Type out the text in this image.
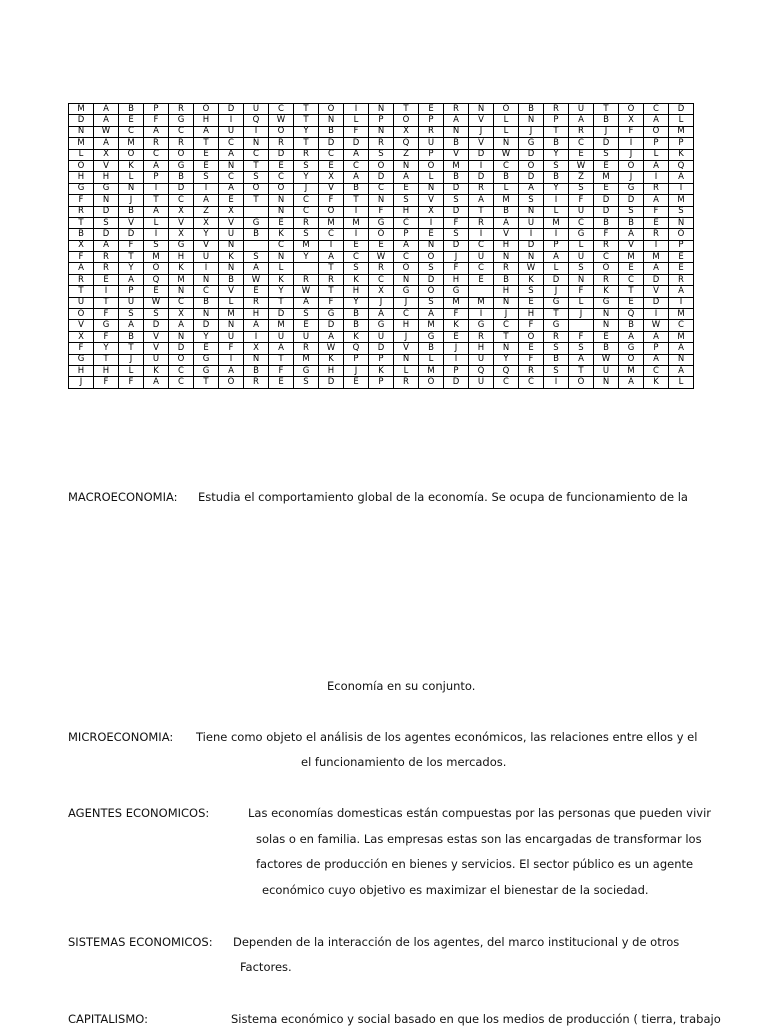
M	A	B	P	R	O	D	U	C	T	O	I	N	T	E	R	N	O	B	R	U	T	O	C	D	
D	A	E	F	G	H	I	Q	W	T	N	L	P	O	P	A	V	L	Ñ	P	A	B	X	A	L	
Ñ	W	C	A	C	A	U	I	O	Y	B	F	Ñ	X	R	N	J	L	J	T	R	J	F	O	M	
M	A	M	R	R	T	C	N	R	T	D	D	R	Q	U	B	V	Ñ	G	B	C	D	I	P	P	
L	X	O	C	O	E	A	C	D	R	C	A	S	Z	P	V	D	W	D	Y	E	S	J	L	K	
O	V	K	A	G	E	N	T	E	S	E	C	O	N	O	M	I	C	O	S	W	E	O	A	Q	
H	H	L	P	B	S	C	S	C	Y	X	A	D	A	L	B	D	B	D	B	Z	M	J	I	A	
G	G	Ñ	I	D	I	A	O	O	J	V	B	C	E	Ñ	D	R	L	A	Y	S	E	G	R	I	
F	Ñ	J	T	C	A	E	T	N	C	F	T	N	S	V	S	A	M	S	I	F	D	D	A	M	
R	D	B	A	X	Z	X		N	C	O	I	F	H	X	D	T	B	N	L	U	D	S	F	S	
T	S	V	L	V	X	V	G	E	R	M	M	G	C	I	F	R	A	U	M	C	B	B	E	N	
B	D	D	I	X	Y	U	B	K	S	C	I	O	P	E	S	I	V	I	I	G	F	A	R	O	
X	A	F	S	G	V	N		C	M	I	E	E	A	N	D	C	H	D	P	L	R	V	I	P	
F	R	T	M	H	U	K	S	Ñ	Y	A	C	W	C	O	J	U	N	Ñ	A	U	C	M	M	E	
A	R	Y	O	K	I	N	A	L		T	S	R	O	S	F	C	R	W	L	S	O	E	A	E	
R	E	A	Q	M	N	B	W	K	R	R	K	C	N	D	H	E	B	K	D	Ñ	R	C	D	R	
T	I	P	E	N	C	V	E	Y	W	T	H	X	G	O	G		H	S	J	F	K	T	V	A	
U	T	U	W	C	B	L	R	T	A	F	Y	J	J	S	M	M	Ñ	E	G	L	G	E	D	I	
O	F	S	S	X	N	M	H	D	S	G	B	A	C	A	F	I	J	H	T	J	N	Q	I	M	
V	G	A	D	A	D	N	A	M	E	D	B	G	H	M	K	G	C	F	G		N	B	W	C	
X	F	B	V	N	Y	U	I	U	U	A	K	U	J	G	E	R	T	O	R	F	E	A	A	M	
F	Y	T	V	D	E	F	X	A	R	W	Q	D	V	B	J	H	N	E	S	S	B	G	P	A	
G	T	J	U	O	G	I	N	T	M	K	P	P	Ñ	L	I	U	Y	F	B	A	W	O	A	N	
H	H	L	K	C	G	A	B	F	G	H	J	K	L	M	P	Q	Q	R	S	T	U	M	C	A	
J	F	F	A	C	T	O	R	E	S	D	E	P	R	O	D	U	C	C	I	O	N	A	K	L	
MACROECONOMIA: Estudia el comportamiento global de la economía. Se ocupa de funcionamiento de la
Economía en su conjunto.
MICROECONOMIA: Tiene como objeto el análisis de los agentes económicos, las relaciones entre ellos y el
el funcionamiento de los mercados.
AGENTES ECONOMICOS:	Las economías domesticas están compuestas por las personas que pueden vivir
solas o en familia. Las empresas estas son las encargadas de transformar los
factores de producción en bienes y servicios. El sector público es un agente
económico cuyo objetivo es maximizar el bienestar de la sociedad.
SISTEMAS ECONOMICOS: Dependen de la interacción de los agentes, del marco institucional y de otros
Factores.
CAPITALISMO:	Sistema económico y social basado en que los medios de producción ( tierra, trabajo
